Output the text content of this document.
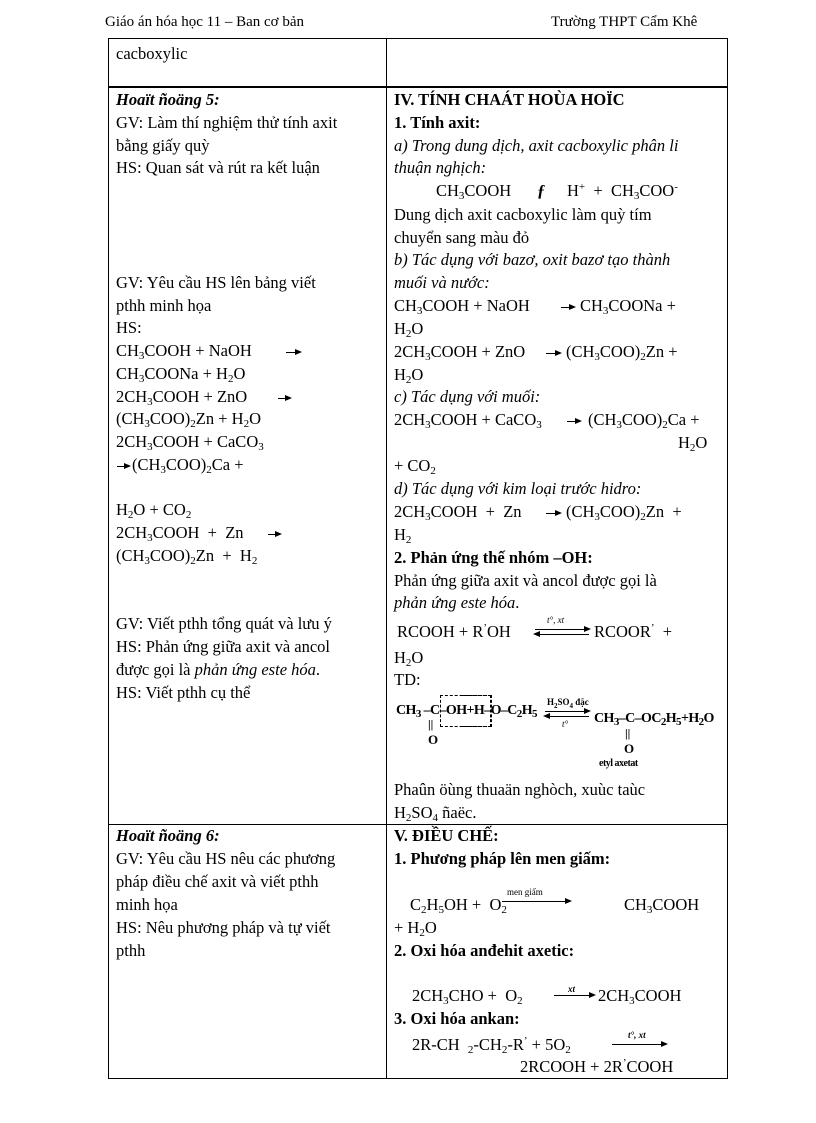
Giáo án hóa học 11 – Ban cơ bản	Trường THPT Cẩm Khê
cacboxylic
Hoaït ñoäng 5:
GV: Làm thí nghiệm thử tính axit
bằng giấy quỳ
HS: Quan sát và rút ra kết luận
GV: Yêu cầu HS lên bảng viết
pthh minh họa
HS:
$CH_3COOH$ + NaOH
$CH_3COONa + H_2O$
$2CH_3COOH$ + ZnO
$(CH_3COO)_2Zn + H_2O$
$2CH_3COOH$ + CaCO$_3$
$(CH_3COO)_2Ca$ +
$H_2O + CO_2$
$2CH_3COOH + Zn$
$(CH_3COO)_2Zn + H_2$
GV: Viết pthh tổng quát và lưu ý
HS: Phản ứng giữa axit và ancol
được gọi là phản ứng este hóa.
HS: Viết pthh cụ thể
IV. TÍNH CHAÁT HOÙA HOÏC
1. Tính axit:
a) Trong dung dịch, axit cacboxylic phân li
thuận nghịch:
$CH_3COOH$ ƒ $H^+ + CH_3COO^-$
Dung dịch axit cacboxylic làm quỳ tím
chuyển sang màu đỏ
b) Tác dụng với bazơ, oxit bazơ tạo thành
muối và nước:
$CH_3COOH$ + NaOH	$CH_3COONa$ +
$H_2O$
$2CH_3COOH$ + ZnO $(CH_3COO)_2Zn$ +
$H_2O$
c) Tác dụng với muối:
$2CH_3COOH$ + CaCO$_3$	$(CH_3COO)_2Ca$ +
$H_2O$
+ $CO_2$
d) Tác dụng với kim loại trước hidro:
$2CH_3COOH + Zn$	$(CH_3COO)_2Zn$  +
$H_2$
2. Phản ứng thế nhóm –OH:
Phản ứng giữa axit và ancol được gọi là
phản ứng este hóa.
RCOOH + R’OH
t°, xt
RCOOR’  +
$H_2O$
TD:
$CH_3$ $-C-OH+H-O-C_2H_5$
||
O
$H_2SO_4$ đặc
t° $CH_3-C-OC_2H_5+H_2O$
||
O
etyl axetat
Phaûn öùng thuaän nghòch, xuùc taùc
$H_2SO_4$ ñaëc.
Hoaït ñoäng 6:
GV: Yêu cầu HS nêu các phương
pháp điều chế axit và viết pthh
minh họa
HS: Nêu phương pháp và tự viết
pthh
V. ĐIỀU CHẾ:
1. Phương pháp lên men giấm:
$C_2H_5OH + O_2$
men giấm
$CH_3COOH$
+ $H_2O$
2. Oxi hóa anđehit axetic:
$2CH_3CHO + O_2$
xt $2CH_3COOH$
3. Oxi hóa ankan:
2R-CH  $_2-CH_2-R^’ + 5O_2$
t°, xt
2RCOOH + 2R’COOH
